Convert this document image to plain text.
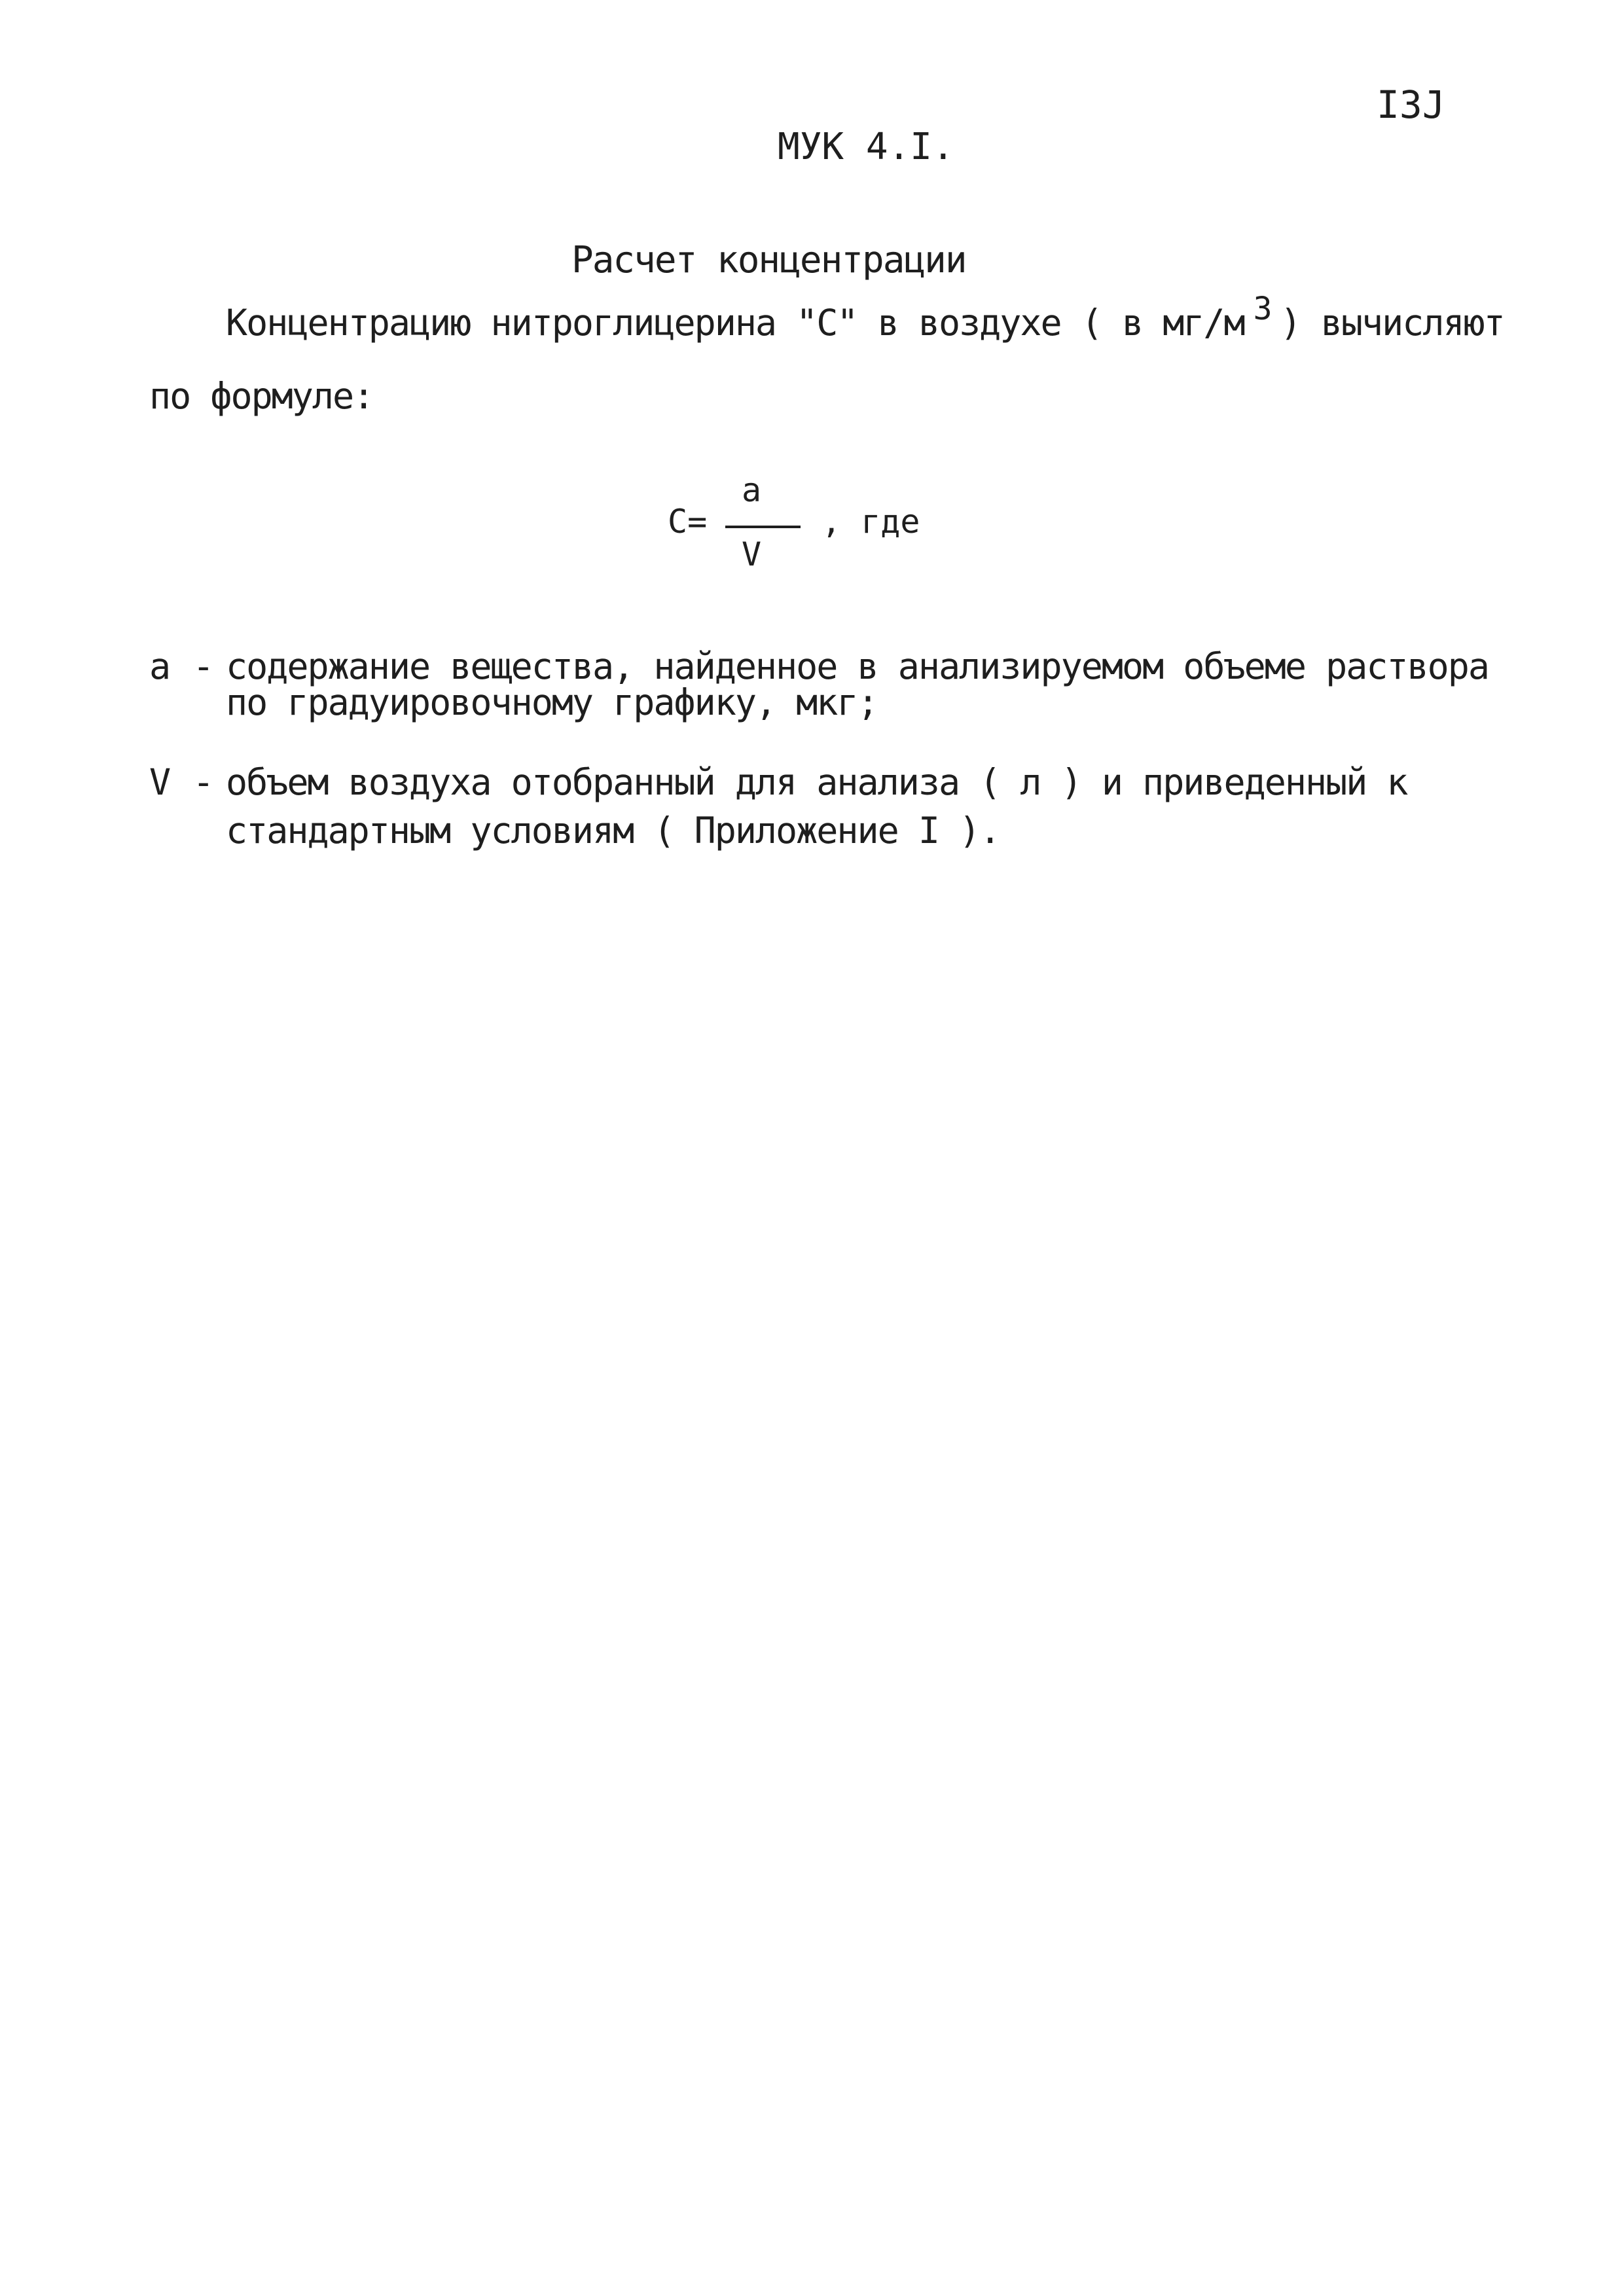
I3Ј
МУК 4.I.
Расчет концентрации
Концентрацию нитроглицерина "С" в воздухе ( в мг/м 3 ) вычисляют
по формуле:
С=
а
V
, где
а - содержание вещества, найденное в анализируемом объеме раствора
по градуировочному графику, мкг;
V - объем воздуха отобранный для анализа ( л ) и приведенный к
стандартным условиям ( Приложение I ).
